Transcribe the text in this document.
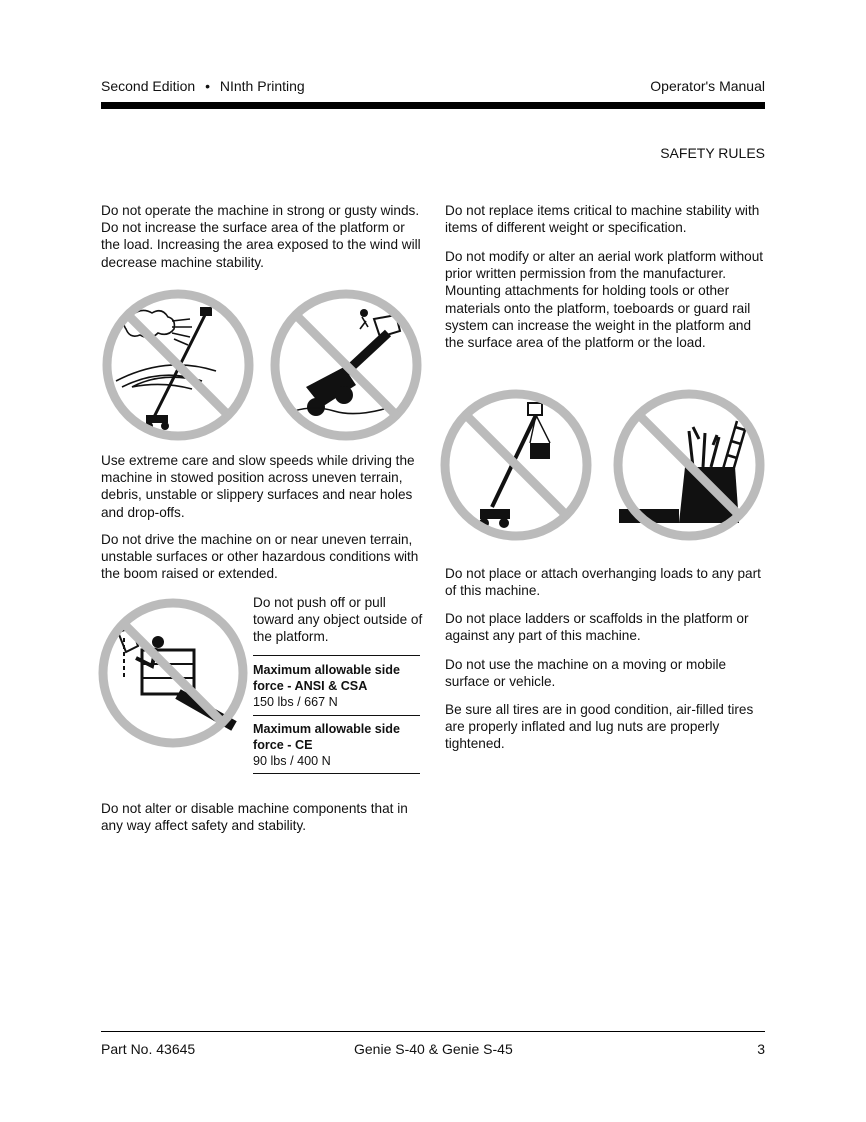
Second Edition • NInth Printing	Operator's Manual
SAFETY RULES

Do not operate the machine in strong or gusty winds. Do not increase the surface area of the platform or the load. Increasing the area exposed to the wind will decrease machine stability.

Use extreme care and slow speeds while driving the machine in stowed position across uneven terrain, debris, unstable or slippery surfaces and near holes and drop-offs.

Do not drive the machine on or near uneven terrain, unstable surfaces or other hazardous conditions with the boom raised or extended.

Do not push off or pull toward any object outside of the platform.

Maximum allowable side force - ANSI & CSA
150 lbs / 667 N
Maximum allowable side force - CE
90 lbs / 400 N

Do not alter or disable machine components that in any way affect safety and stability.

Do not replace items critical to machine stability with items of different weight or specification.

Do not modify or alter an aerial work platform without prior written permission from the manufacturer. Mounting attachments for holding tools or other materials onto the platform, toeboards or guard rail system can increase the weight in the platform and the surface area of the platform or the load.

Do not place or attach overhanging loads to any part of this machine.

Do not place ladders or scaffolds in the platform or against any part of this machine.

Do not use the machine on a moving or mobile surface or vehicle.

Be sure all tires are in good condition, air-filled tires are properly inflated and lug nuts are properly tightened.

Part No. 43645	Genie S-40 & Genie S-45	3
